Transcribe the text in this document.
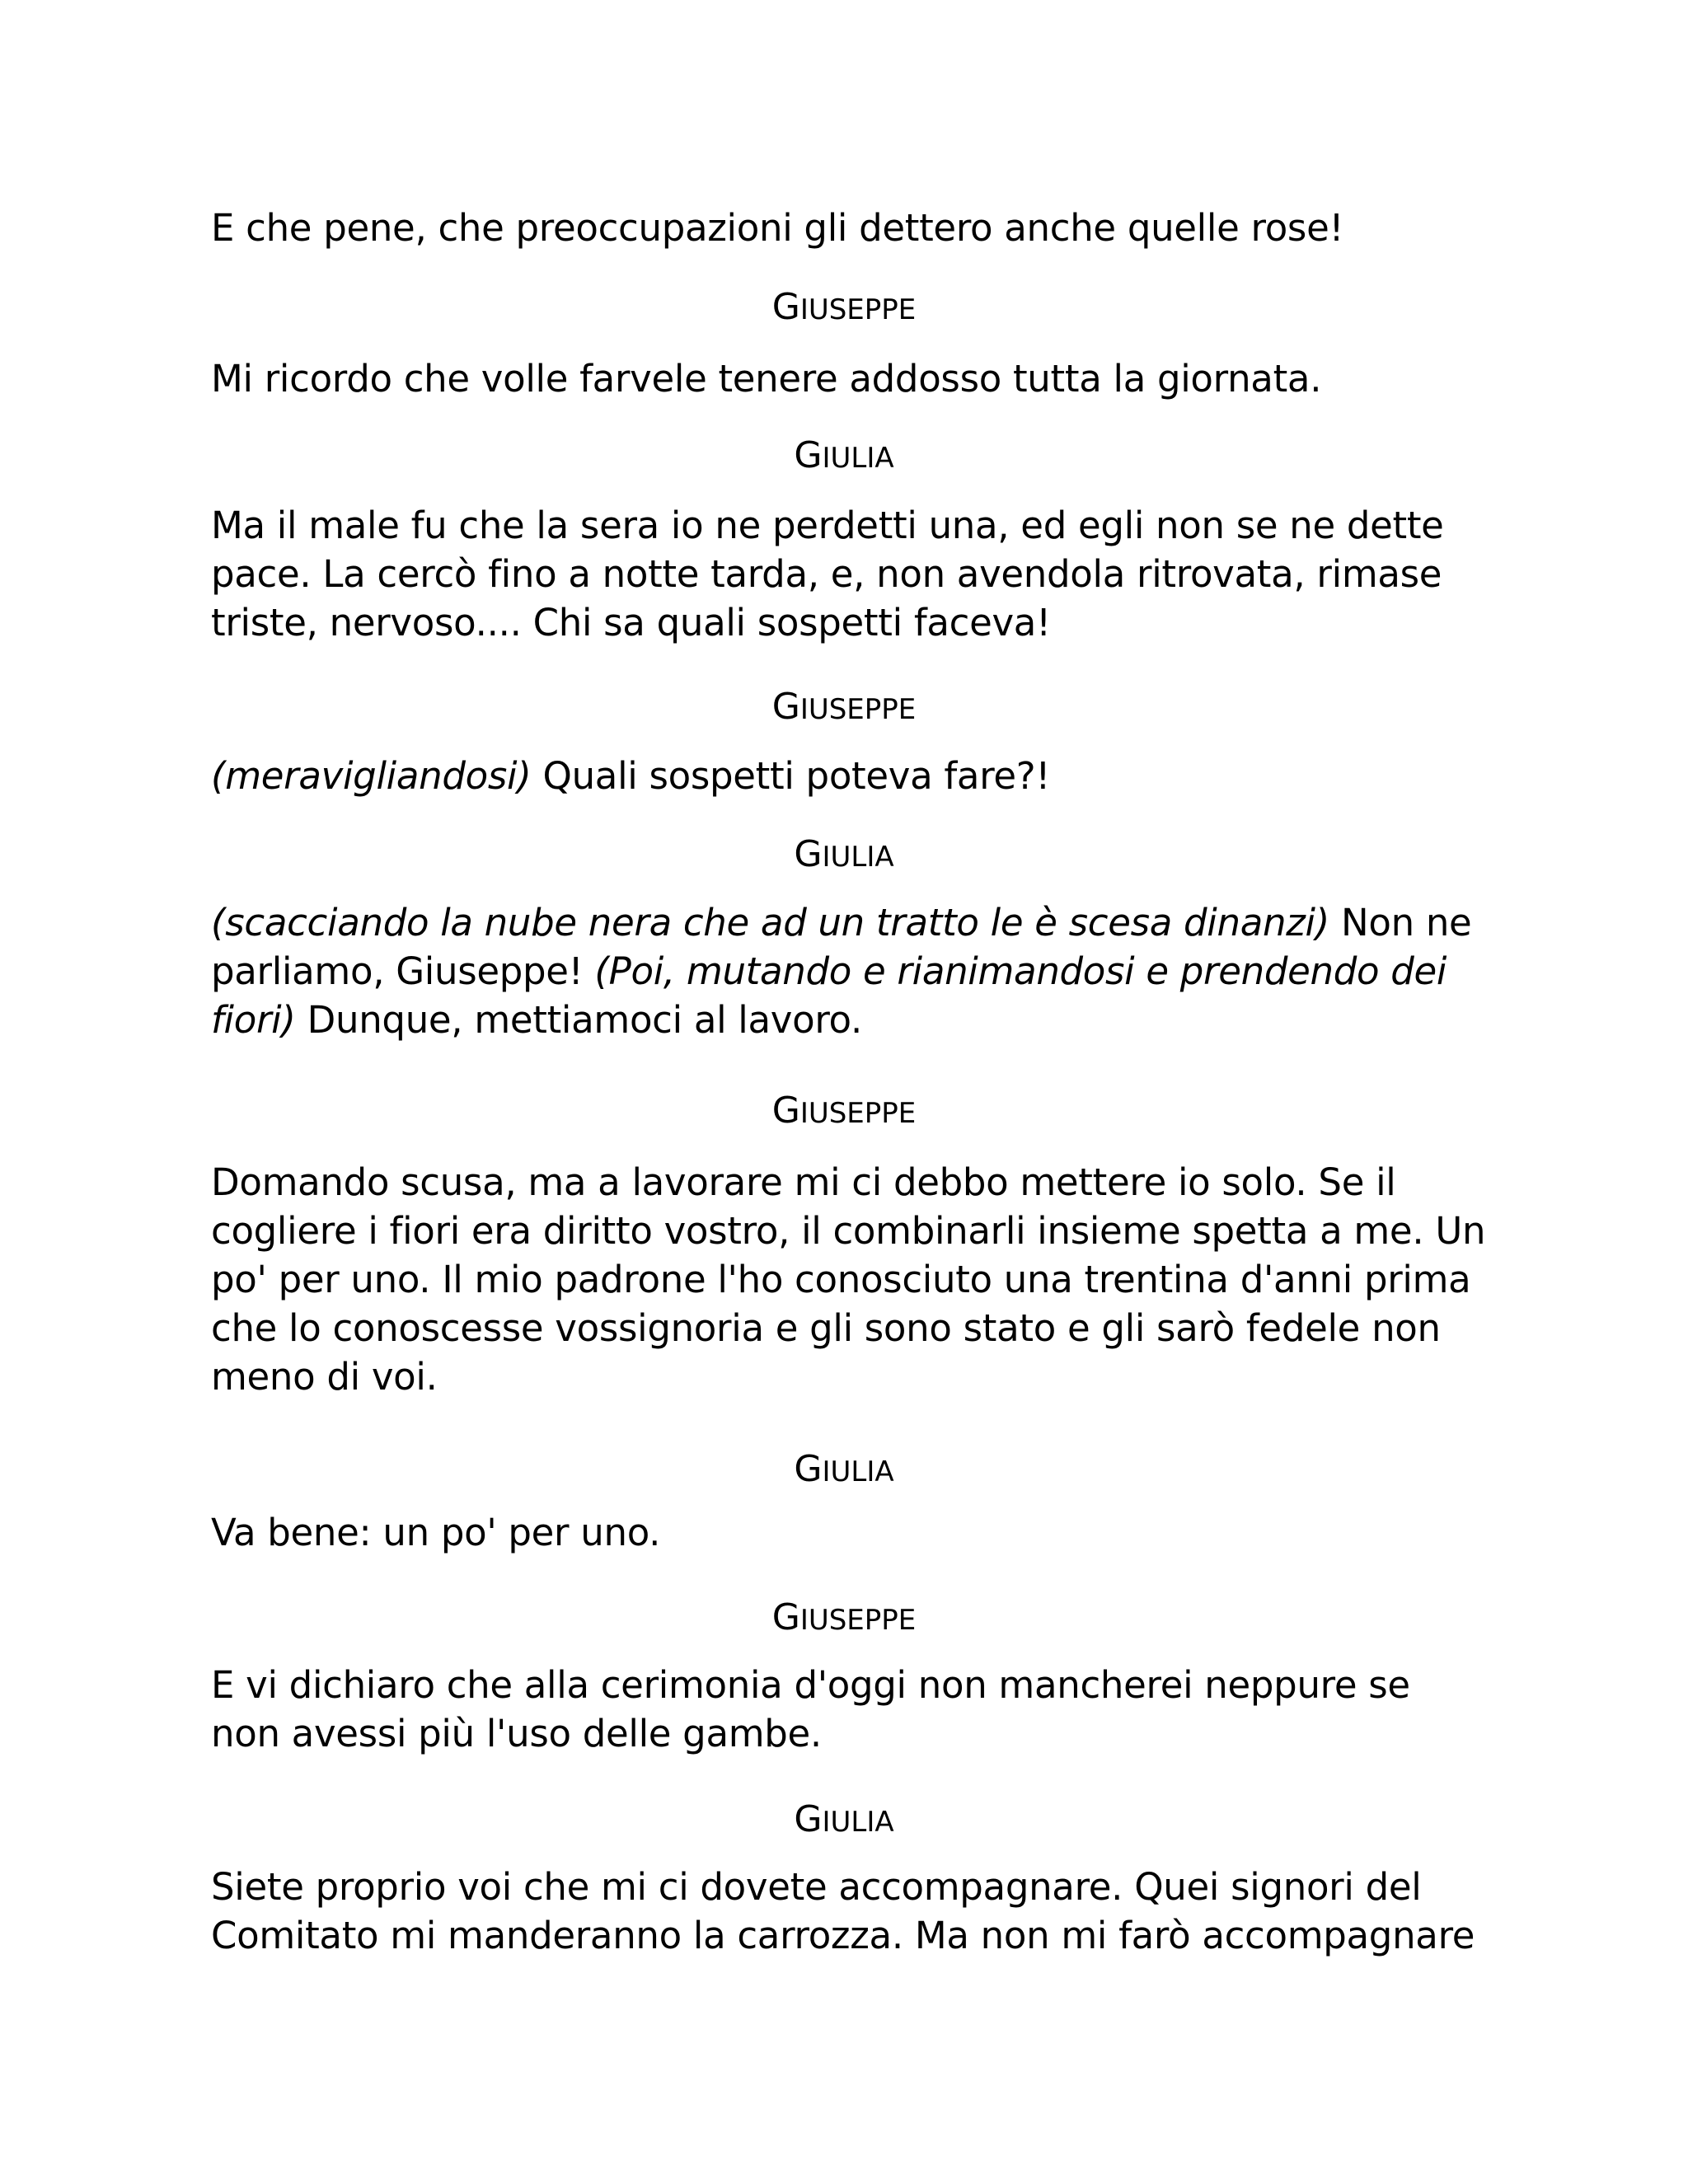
E che pene, che preoccupazioni gli dettero anche quelle rose!
GIUSEPPE
Mi ricordo che volle farvele tenere addosso tutta la giornata.
GIULIA
Ma il male fu che la sera io ne perdetti una, ed egli non se ne dette
pace. La cercò fino a notte tarda, e, non avendola ritrovata, rimase
triste, nervoso.... Chi sa quali sospetti faceva!
GIUSEPPE
(meravigliandosi) Quali sospetti poteva fare?!
GIULIA
(scacciando la nube nera che ad un tratto le è scesa dinanzi) Non ne
parliamo, Giuseppe! (Poi, mutando e rianimandosi e prendendo dei
fiori) Dunque, mettiamoci al lavoro.
GIUSEPPE
Domando scusa, ma a lavorare mi ci debbo mettere io solo. Se il
cogliere i fiori era diritto vostro, il combinarli insieme spetta a me. Un
po' per uno. Il mio padrone l'ho conosciuto una trentina d'anni prima
che lo conoscesse vossignoria e gli sono stato e gli sarò fedele non
meno di voi.
GIULIA
Va bene: un po' per uno.
GIUSEPPE
E vi dichiaro che alla cerimonia d'oggi non mancherei neppure se
non avessi più l'uso delle gambe.
GIULIA
Siete proprio voi che mi ci dovete accompagnare. Quei signori del
Comitato mi manderanno la carrozza. Ma non mi farò accompagnare
